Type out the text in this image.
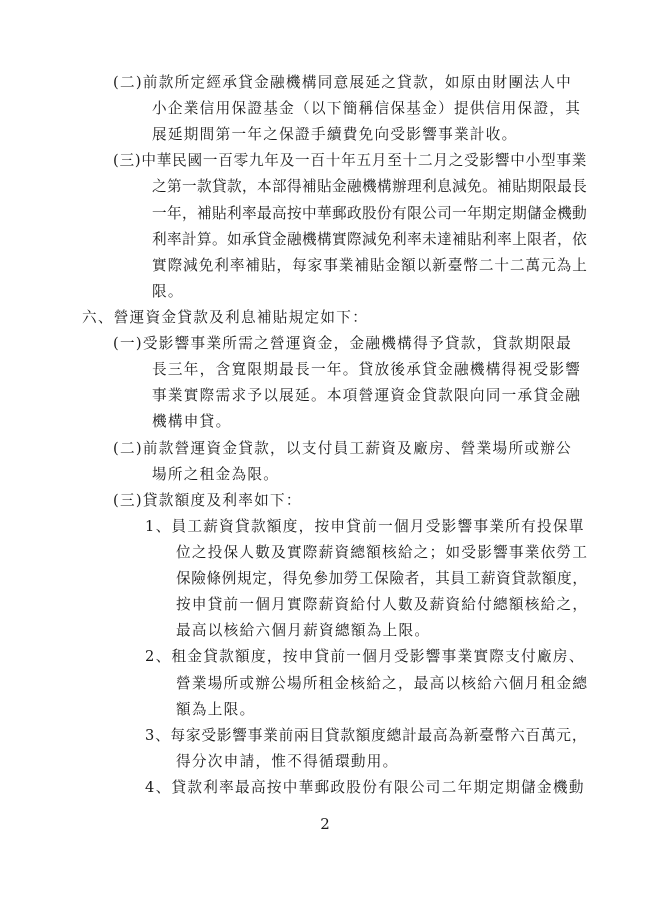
(二)前款所定經承貸金融機構同意展延之貸款，如原由財團法人中
小企業信用保證基金（以下簡稱信保基金）提供信用保證，其
展延期間第一年之保證手續費免向受影響事業計收。
(三)中華民國一百零九年及一百十年五月至十二月之受影響中小型事業
之第一款貸款，本部得補貼金融機構辦理利息減免。補貼期限最長
一年，補貼利率最高按中華郵政股份有限公司一年期定期儲金機動
利率計算。如承貸金融機構實際減免利率未達補貼利率上限者，依
實際減免利率補貼，每家事業補貼金額以新臺幣二十二萬元為上
限。
六、營運資金貸款及利息補貼規定如下：
(一)受影響事業所需之營運資金，金融機構得予貸款，貸款期限最
長三年，含寬限期最長一年。貸放後承貸金融機構得視受影響
事業實際需求予以展延。本項營運資金貸款限向同一承貸金融
機構申貸。
(二)前款營運資金貸款，以支付員工薪資及廠房、營業場所或辦公
場所之租金為限。
(三)貸款額度及利率如下：
1、員工薪資貸款額度，按申貸前一個月受影響事業所有投保單
位之投保人數及實際薪資總額核給之；如受影響事業依勞工
保險條例規定，得免參加勞工保險者，其員工薪資貸款額度，
按申貸前一個月實際薪資給付人數及薪資給付總額核給之，
最高以核給六個月薪資總額為上限。
2、租金貸款額度，按申貸前一個月受影響事業實際支付廠房、
營業場所或辦公場所租金核給之，最高以核給六個月租金總
額為上限。
3、每家受影響事業前兩目貸款額度總計最高為新臺幣六百萬元，
得分次申請，惟不得循環動用。
4、貸款利率最高按中華郵政股份有限公司二年期定期儲金機動
2
